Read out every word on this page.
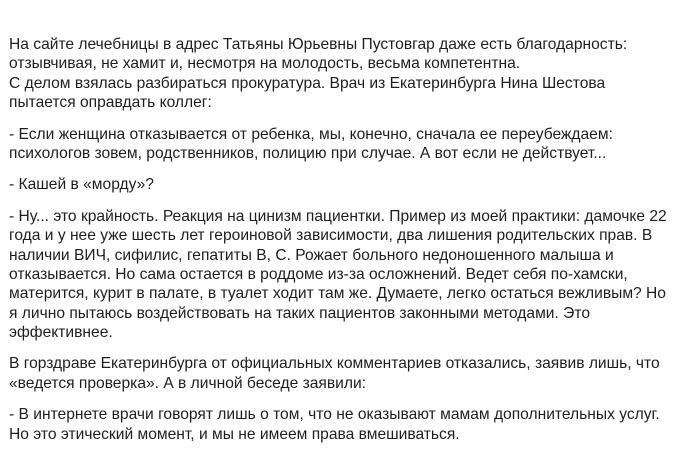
На сайте лечебницы в адрес Татьяны Юрьевны Пустовгар даже есть благодарность:
отзывчивая, не хамит и, несмотря на молодость, весьма компетентна.
С делом взялась разбираться прокуратура. Врач из Екатеринбурга Нина Шестова
пытается оправдать коллег:
- Если женщина отказывается от ребенка, мы, конечно, сначала ее переубеждаем:
психологов зовем, родственников, полицию при случае. А вот если не действует...
- Кашей в «морду»?
- Ну... это крайность. Реакция на цинизм пациентки. Пример из моей практики: дамочке 22
года и у нее уже шесть лет героиновой зависимости, два лишения родительских прав. В
наличии ВИЧ, сифилис, гепатиты В, С. Рожает больного недоношенного малыша и
отказывается. Но сама остается в роддоме из-за осложнений. Ведет себя по-хамски,
матерится, курит в палате, в туалет ходит там же. Думаете, легко остаться вежливым? Но
я лично пытаюсь воздействовать на таких пациентов законными методами. Это
эффективнее.
В горздраве Екатеринбурга от официальных комментариев отказались, заявив лишь, что
«ведется проверка». А в личной беседе заявили:
- В интернете врачи говорят лишь о том, что не оказывают мамам дополнительных услуг.
Но это этический момент, и мы не имеем права вмешиваться.
